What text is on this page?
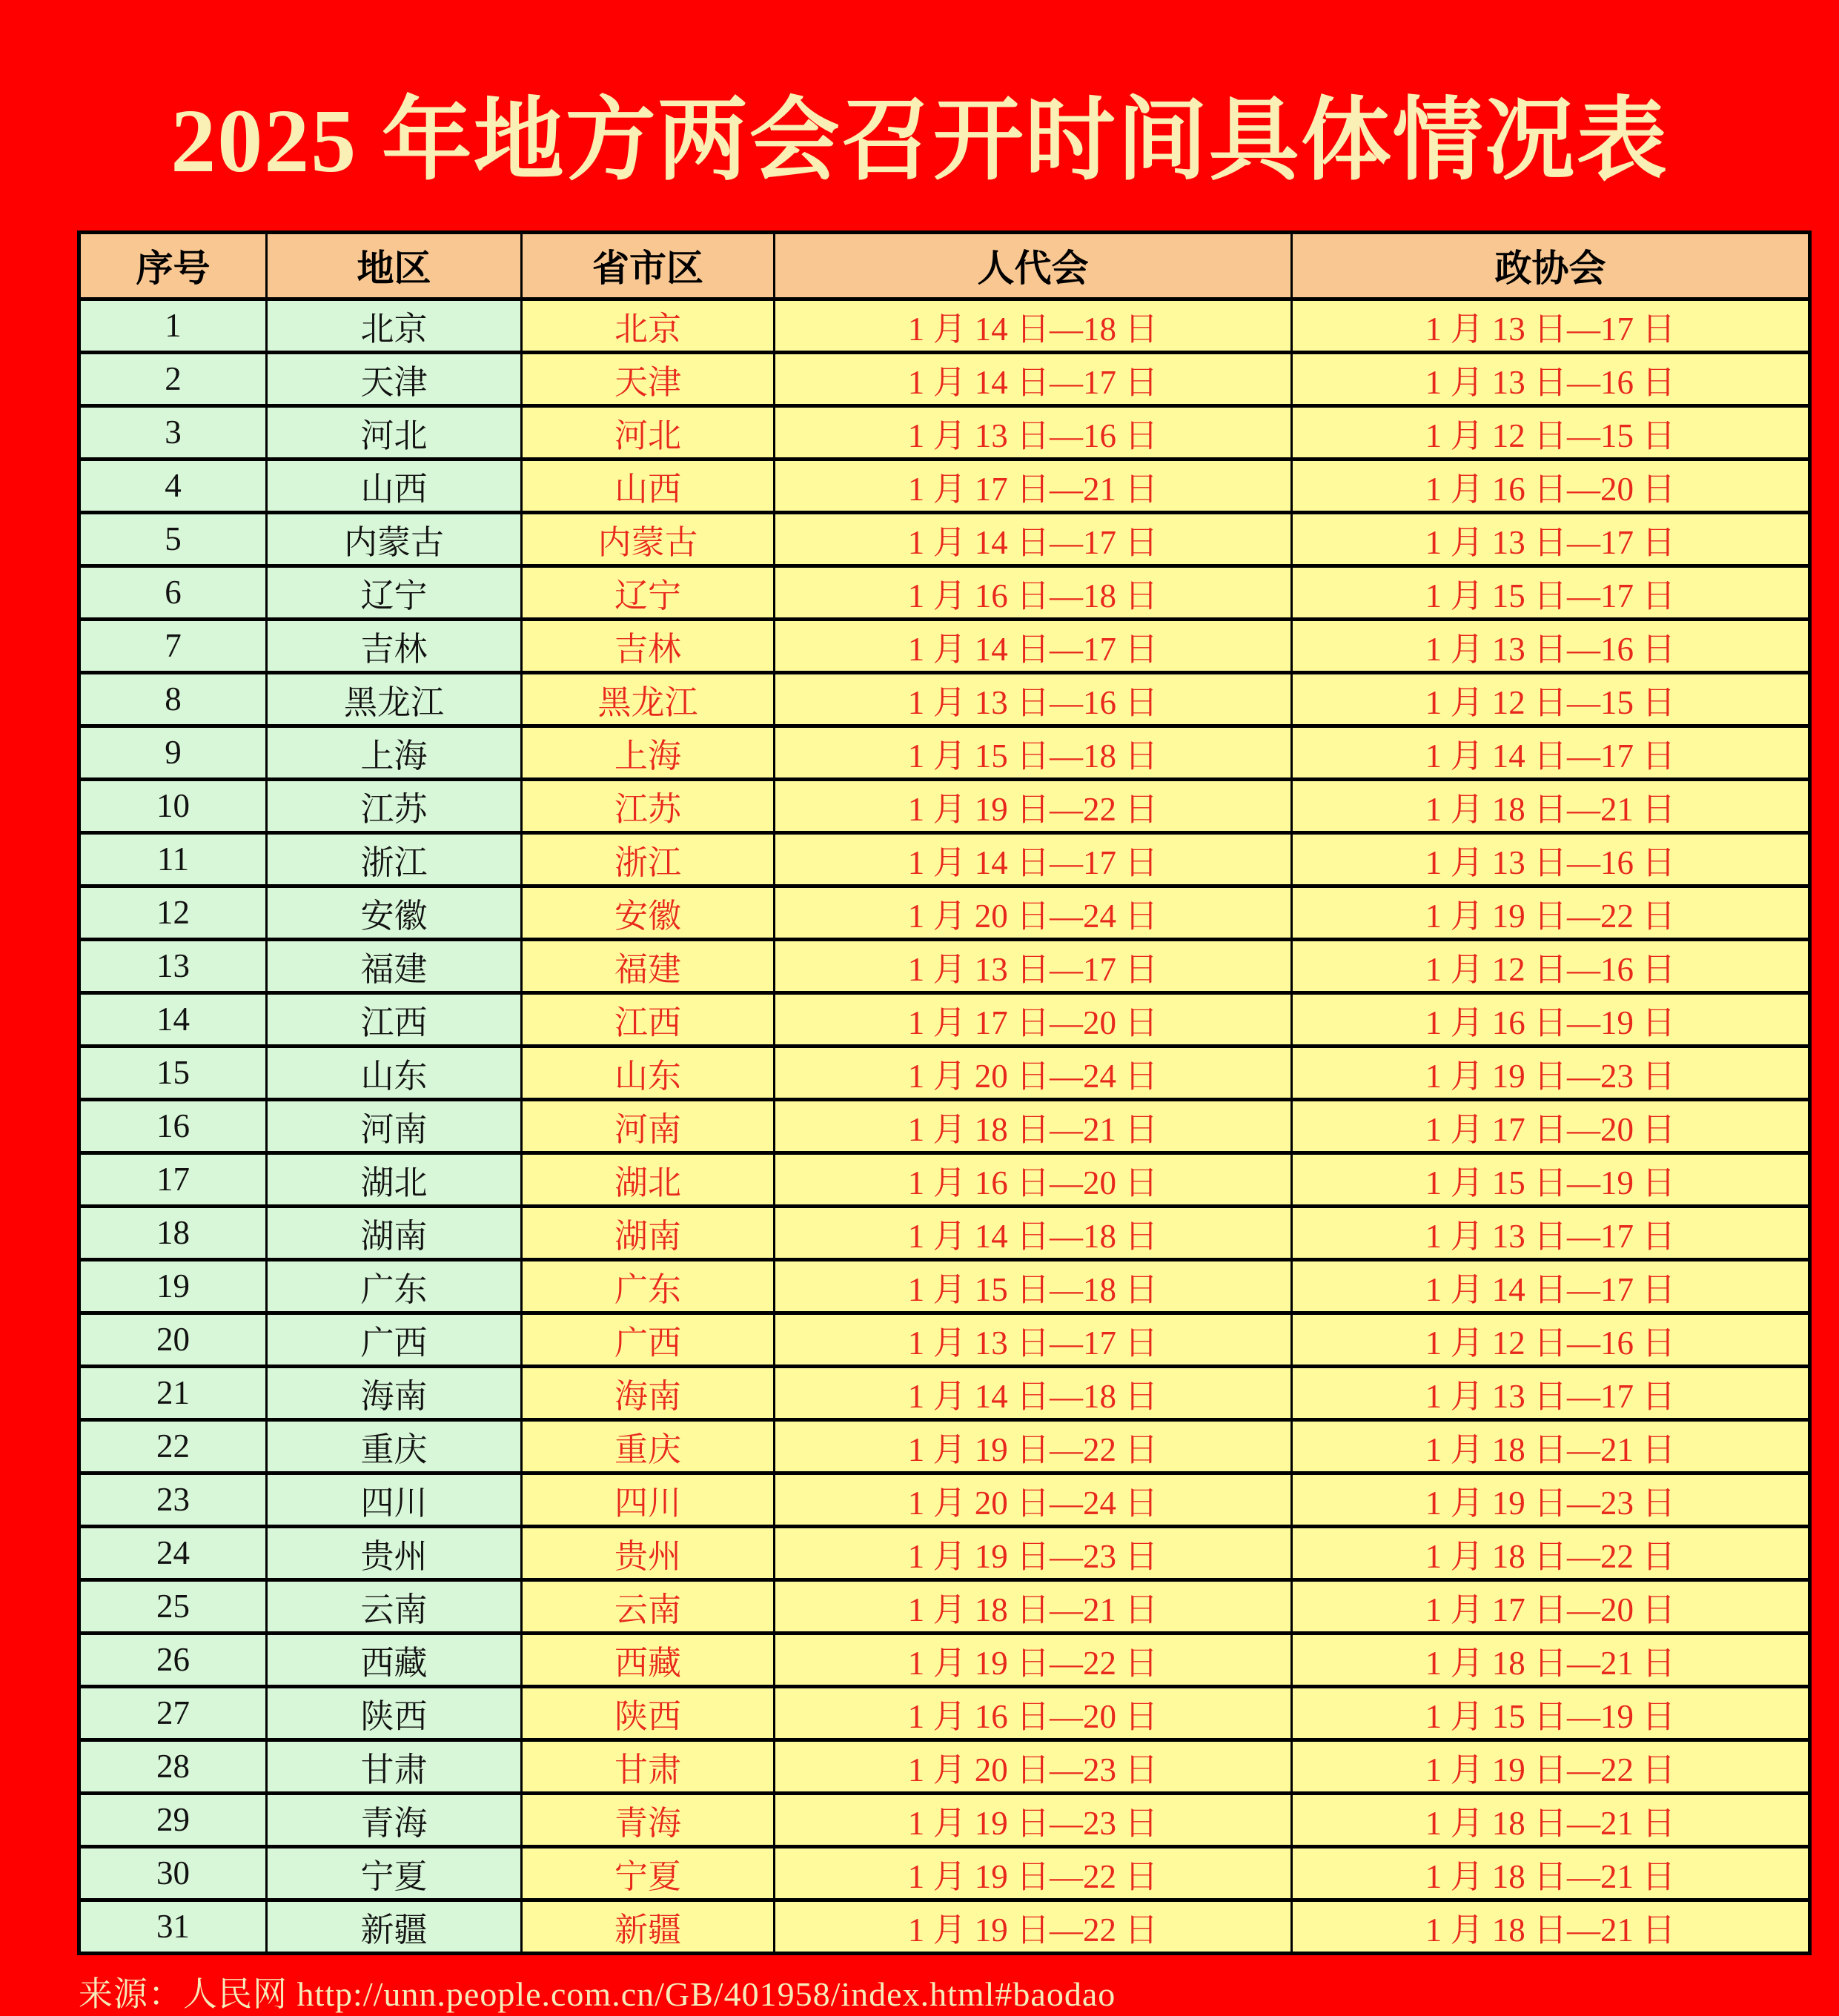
2025 年地方两会召开时间具体情况表
序号	地区	省市区	人代会	政协会
1	北京	北京	1 月 14 日—18 日	1 月 13 日—17 日
2	天津	天津	1 月 14 日—17 日	1 月 13 日—16 日
3	河北	河北	1 月 13 日—16 日	1 月 12 日—15 日
4	山西	山西	1 月 17 日—21 日	1 月 16 日—20 日
5	内蒙古	内蒙古	1 月 14 日—17 日	1 月 13 日—17 日
6	辽宁	辽宁	1 月 16 日—18 日	1 月 15 日—17 日
7	吉林	吉林	1 月 14 日—17 日	1 月 13 日—16 日
8	黑龙江	黑龙江	1 月 13 日—16 日	1 月 12 日—15 日
9	上海	上海	1 月 15 日—18 日	1 月 14 日—17 日
10	江苏	江苏	1 月 19 日—22 日	1 月 18 日—21 日
11	浙江	浙江	1 月 14 日—17 日	1 月 13 日—16 日
12	安徽	安徽	1 月 20 日—24 日	1 月 19 日—22 日
13	福建	福建	1 月 13 日—17 日	1 月 12 日—16 日
14	江西	江西	1 月 17 日—20 日	1 月 16 日—19 日
15	山东	山东	1 月 20 日—24 日	1 月 19 日—23 日
16	河南	河南	1 月 18 日—21 日	1 月 17 日—20 日
17	湖北	湖北	1 月 16 日—20 日	1 月 15 日—19 日
18	湖南	湖南	1 月 14 日—18 日	1 月 13 日—17 日
19	广东	广东	1 月 15 日—18 日	1 月 14 日—17 日
20	广西	广西	1 月 13 日—17 日	1 月 12 日—16 日
21	海南	海南	1 月 14 日—18 日	1 月 13 日—17 日
22	重庆	重庆	1 月 19 日—22 日	1 月 18 日—21 日
23	四川	四川	1 月 20 日—24 日	1 月 19 日—23 日
24	贵州	贵州	1 月 19 日—23 日	1 月 18 日—22 日
25	云南	云南	1 月 18 日—21 日	1 月 17 日—20 日
26	西藏	西藏	1 月 19 日—22 日	1 月 18 日—21 日
27	陕西	陕西	1 月 16 日—20 日	1 月 15 日—19 日
28	甘肃	甘肃	1 月 20 日—23 日	1 月 19 日—22 日
29	青海	青海	1 月 19 日—23 日	1 月 18 日—21 日
30	宁夏	宁夏	1 月 19 日—22 日	1 月 18 日—21 日
31	新疆	新疆	1 月 19 日—22 日	1 月 18 日—21 日
来源：人民网 http://unn.people.com.cn/GB/401958/index.html#baodao
